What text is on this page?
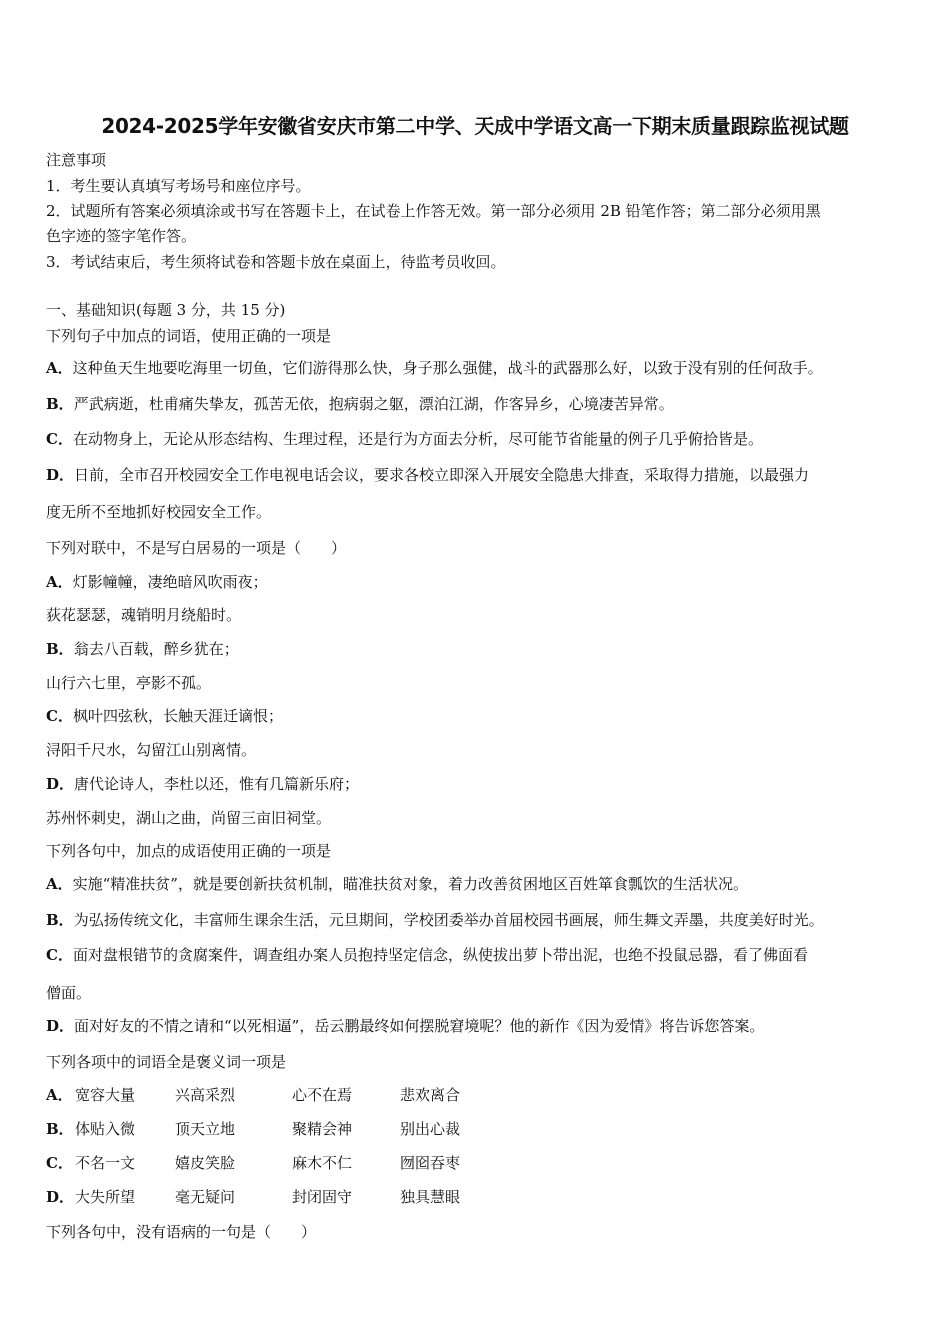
2024-2025学年安徽省安庆市第二中学、天成中学语文高一下期末质量跟踪监视试题
注意事项
1．考生要认真填写考场号和座位序号。
2．试题所有答案必须填涂或书写在答题卡上，在试卷上作答无效。第一部分必须用 2B 铅笔作答；第二部分必须用黑
色字迹的签字笔作答。
3．考试结束后，考生须将试卷和答题卡放在桌面上，待监考员收回。
一、基础知识(每题 3 分，共 15 分)
下列句子中加点的词语，使用正确的一项是
A．这种鱼天生地要吃海里一切鱼，它们游得那么快，身子那么强健，战斗的武器那么好，以致于没有别的任何敌手。
B．严武病逝，杜甫痛失挚友，孤苦无依，抱病弱之躯，漂泊江湖，作客异乡，心境凄苦异常。
C．在动物身上，无论从形态结构、生理过程，还是行为方面去分析，尽可能节省能量的例子几乎俯拾皆是。
D．日前，全市召开校园安全工作电视电话会议，要求各校立即深入开展安全隐患大排查，采取得力措施，以最强力
度无所不至地抓好校园安全工作。
下列对联中，不是写白居易的一项是（　　）
A．灯影幢幢，凄绝暗风吹雨夜；
荻花瑟瑟，魂销明月绕船时。
B．翁去八百载，醉乡犹在；
山行六七里，亭影不孤。
C．枫叶四弦秋，长触天涯迁谪恨；
浔阳千尺水，勾留江山别离情。
D．唐代论诗人，李杜以还，惟有几篇新乐府；
苏州怀刺史，湖山之曲，尚留三亩旧祠堂。
下列各句中，加点的成语使用正确的一项是
A．实施“精准扶贫”，就是要创新扶贫机制，瞄准扶贫对象，着力改善贫困地区百姓箪食瓢饮的生活状况。
B．为弘扬传统文化，丰富师生课余生活，元旦期间，学校团委举办首届校园书画展，师生舞文弄墨，共度美好时光。
C．面对盘根错节的贪腐案件，调查组办案人员抱持坚定信念，纵使拔出萝卜带出泥，也绝不投鼠忌器，看了佛面看
僧面。
D．面对好友的不情之请和“以死相逼”，岳云鹏最终如何摆脱窘境呢？他的新作《因为爱情》将告诉您答案。
下列各项中的词语全是褒义词一项是
A． 宽容大量	兴高采烈	心不在焉	悲欢离合
B． 体贴入微	顶天立地	聚精会神	别出心裁
C． 不名一文	嬉皮笑脸	麻木不仁	囫囵吞枣
D． 大失所望	毫无疑问	封闭固守	独具慧眼
下列各句中，没有语病的一句是（　　）
